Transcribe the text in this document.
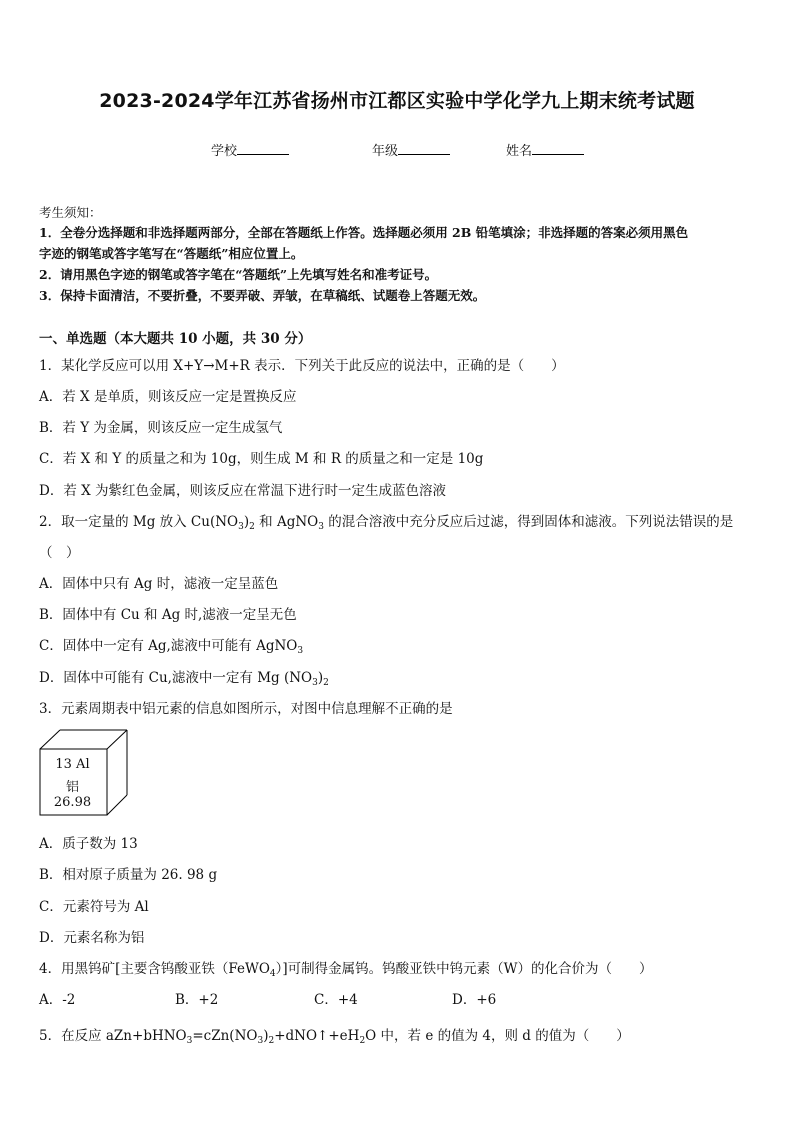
2023-2024学年江苏省扬州市江都区实验中学化学九上期末统考试题
学校	年级	姓名
考生须知：
1．全卷分选择题和非选择题两部分，全部在答题纸上作答。选择题必须用 2B 铅笔填涂；非选择题的答案必须用黑色
字迹的钢笔或答字笔写在“答题纸”相应位置上。
2．请用黑色字迹的钢笔或答字笔在“答题纸”上先填写姓名和准考证号。
3．保持卡面清洁，不要折叠，不要弄破、弄皱，在草稿纸、试题卷上答题无效。
一、单选题（本大题共 10 小题，共 30 分）
1．某化学反应可以用 X+Y→M+R 表示．下列关于此反应的说法中，正确的是（　　）
A．若 X 是单质，则该反应一定是置换反应
B．若 Y 为金属，则该反应一定生成氢气
C．若 X 和 Y 的质量之和为 10g，则生成 M 和 R 的质量之和一定是 10g
D．若 X 为紫红色金属，则该反应在常温下进行时一定生成蓝色溶液
2．取一定量的 Mg 放入 $Cu(NO_3)_2$ 和 AgNO$_3$ 的混合溶液中充分反应后过滤，得到固体和滤液。下列说法错误的是
（　）
A．固体中只有 Ag 时，滤液一定呈蓝色
B．固体中有 Cu 和 Ag 时,滤液一定呈无色
C．固体中一定有 Ag,滤液中可能有 AgNO$_3$
D．固体中可能有 Cu,滤液中一定有 Mg $(NO_3)_2$
3．元素周期表中铝元素的信息如图所示，对图中信息理解不正确的是
13 Al
铝
26.98
A．质子数为 13
B．相对原子质量为 26. 98 g
C．元素符号为 Al
D．元素名称为铝
4．用黑钨矿[主要含钨酸亚铁（FeWO$_4$）]可制得金属钨。钨酸亚铁中钨元素（W）的化合价为（　　）
A．-2	B．+2	C．+4	D．+6
5．在反应 $aZn+bHNO_3=cZn(NO_3)_2+dNO↑+eH_2O$ 中，若 e 的值为 4，则 d 的值为（　　）
